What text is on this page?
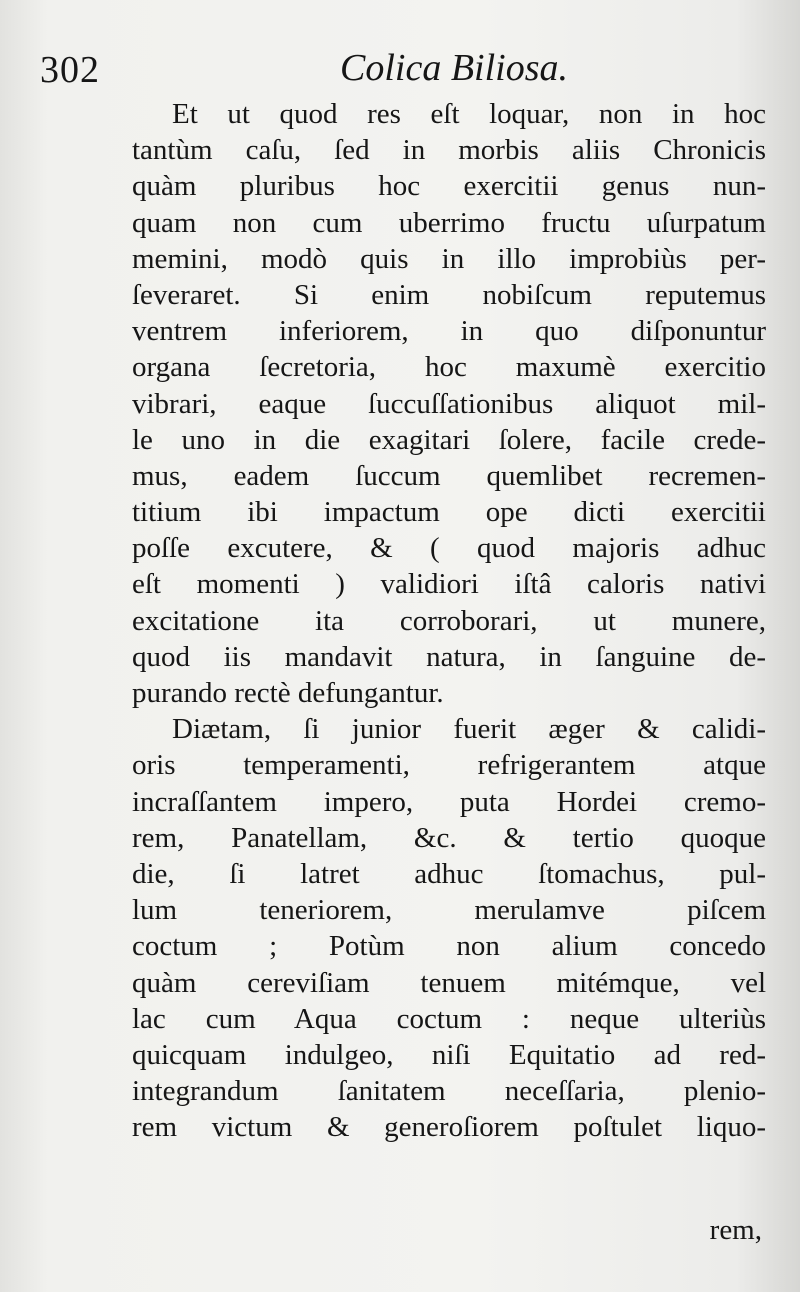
302	Colica Biliosa.
Et ut quod res eſt loquar, non in hoc
tantùm caſu, ſed in morbis aliis Chronicis
quàm pluribus hoc exercitii genus nun-
quam non cum uberrimo fructu uſurpatum
memini, modò quis in illo improbiùs per-
ſeveraret. Si enim nobiſcum reputemus
ventrem inferiorem, in quo diſponuntur
organa ſecretoria, hoc maxumè exercitio
vibrari, eaque ſuccuſſationibus aliquot mil-
le uno in die exagitari ſolere, facile crede-
mus, eadem ſuccum quemlibet recremen-
titium ibi impactum ope dicti exercitii
poſſe excutere, & ( quod majoris adhuc
eſt momenti ) validiori iſtâ caloris nativi
excitatione ita corroborari, ut munere,
quod iis mandavit natura, in ſanguine de-
purando rectè defungantur.
Diætam, ſi junior fuerit æger & calidi-
oris temperamenti, refrigerantem atque
incraſſantem impero, puta Hordei cremo-
rem, Panatellam, &c. & tertio quoque
die, ſi latret adhuc ſtomachus, pul-
lum teneriorem, merulamve piſcem
coctum ; Potùm non alium concedo
quàm cereviſiam tenuem mitémque, vel
lac cum Aqua coctum : neque ulteriùs
quicquam indulgeo, niſi Equitatio ad red-
integrandum ſanitatem neceſſaria, plenio-
rem victum & generoſiorem poſtulet liquo-
rem,
